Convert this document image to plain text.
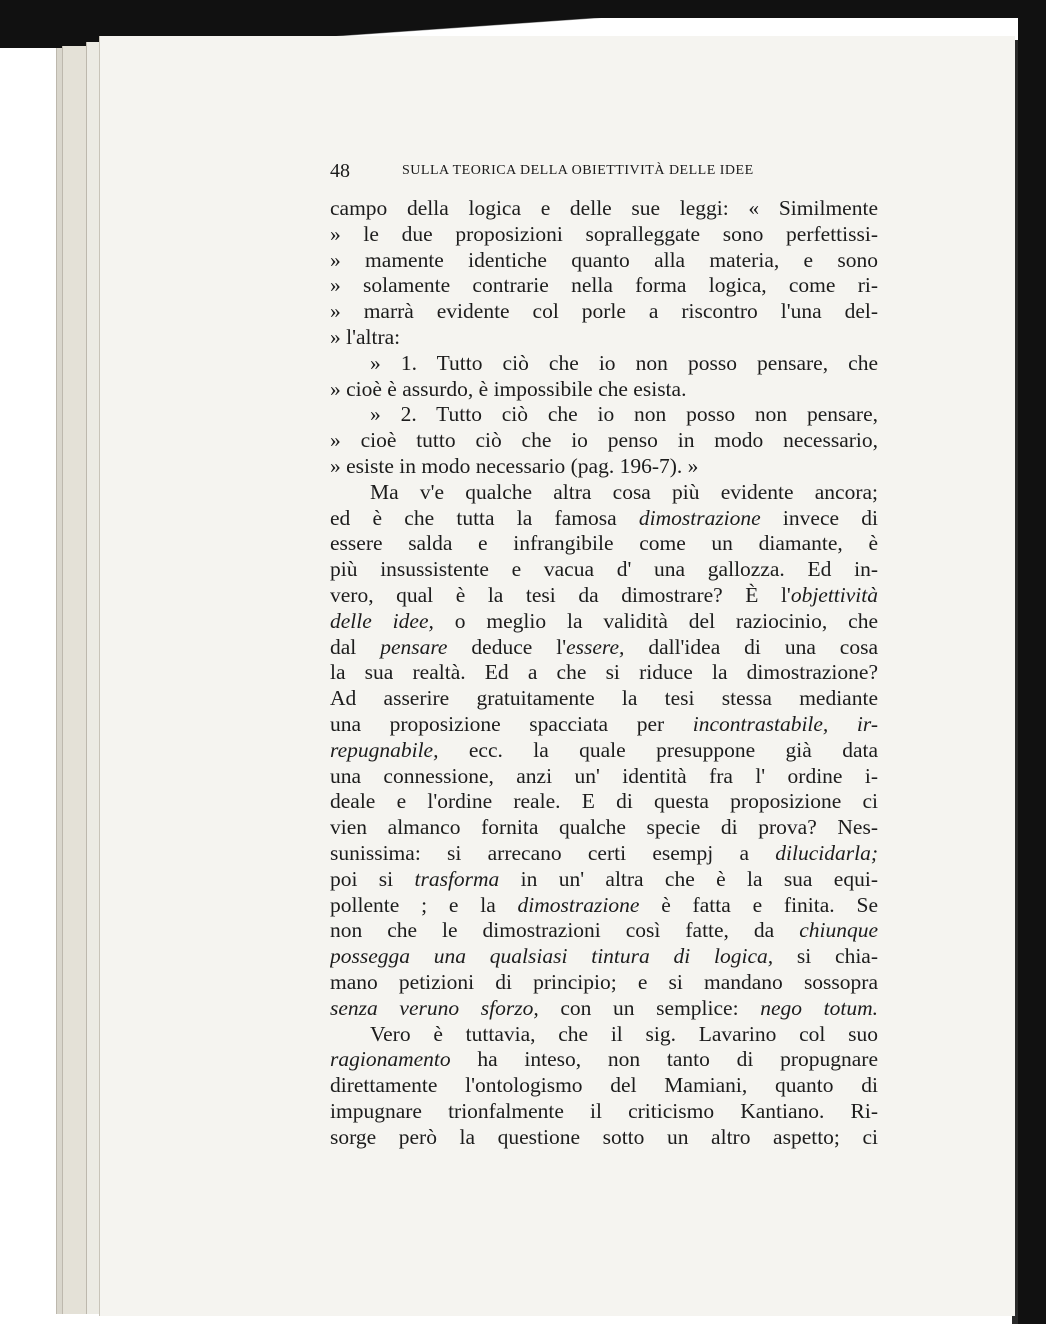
48	SULLA TEORICA DELLA OBIETTIVITÀ DELLE IDEE
campo della logica e delle sue leggi: « Similmente
» le due proposizioni sopralleggate sono perfettissi-
» mamente identiche quanto alla materia, e sono
» solamente contrarie nella forma logica, come ri-
» marrà evidente col porle a riscontro l'una del-
» l'altra:
» 1. Tutto ciò che io non posso pensare, che
» cioè è assurdo, è impossibile che esista.
» 2. Tutto ciò che io non posso non pensare,
» cioè tutto ciò che io penso in modo necessario,
» esiste in modo necessario (pag. 196-7). »
Ma v'e qualche altra cosa più evidente ancora;
ed è che tutta la famosa dimostrazione invece di
essere salda e infrangibile come un diamante, è
più insussistente e vacua d' una gallozza. Ed in-
vero, qual è la tesi da dimostrare? È l'objettività
delle idee, o meglio la validità del raziocinio, che
dal pensare deduce l'essere, dall'idea di una cosa
la sua realtà. Ed a che si riduce la dimostrazione?
Ad asserire gratuitamente la tesi stessa mediante
una proposizione spacciata per incontrastabile, ir-
repugnabile, ecc. la quale presuppone già data
una connessione, anzi un' identità fra l' ordine i-
deale e l'ordine reale. E di questa proposizione ci
vien almanco fornita qualche specie di prova? Nes-
sunissima: si arrecano certi esempj a dilucidarla;
poi si trasforma in un' altra che è la sua equi-
pollente ; e la dimostrazione è fatta e finita. Se
non che le dimostrazioni così fatte, da chiunque
possegga una qualsiasi tintura di logica, si chia-
mano petizioni di principio; e si mandano sossopra
senza veruno sforzo, con un semplice: nego totum.
Vero è tuttavia, che il sig. Lavarino col suo
ragionamento ha inteso, non tanto di propugnare
direttamente l'ontologismo del Mamiani, quanto di
impugnare trionfalmente il criticismo Kantiano. Ri-
sorge però la questione sotto un altro aspetto; ci
